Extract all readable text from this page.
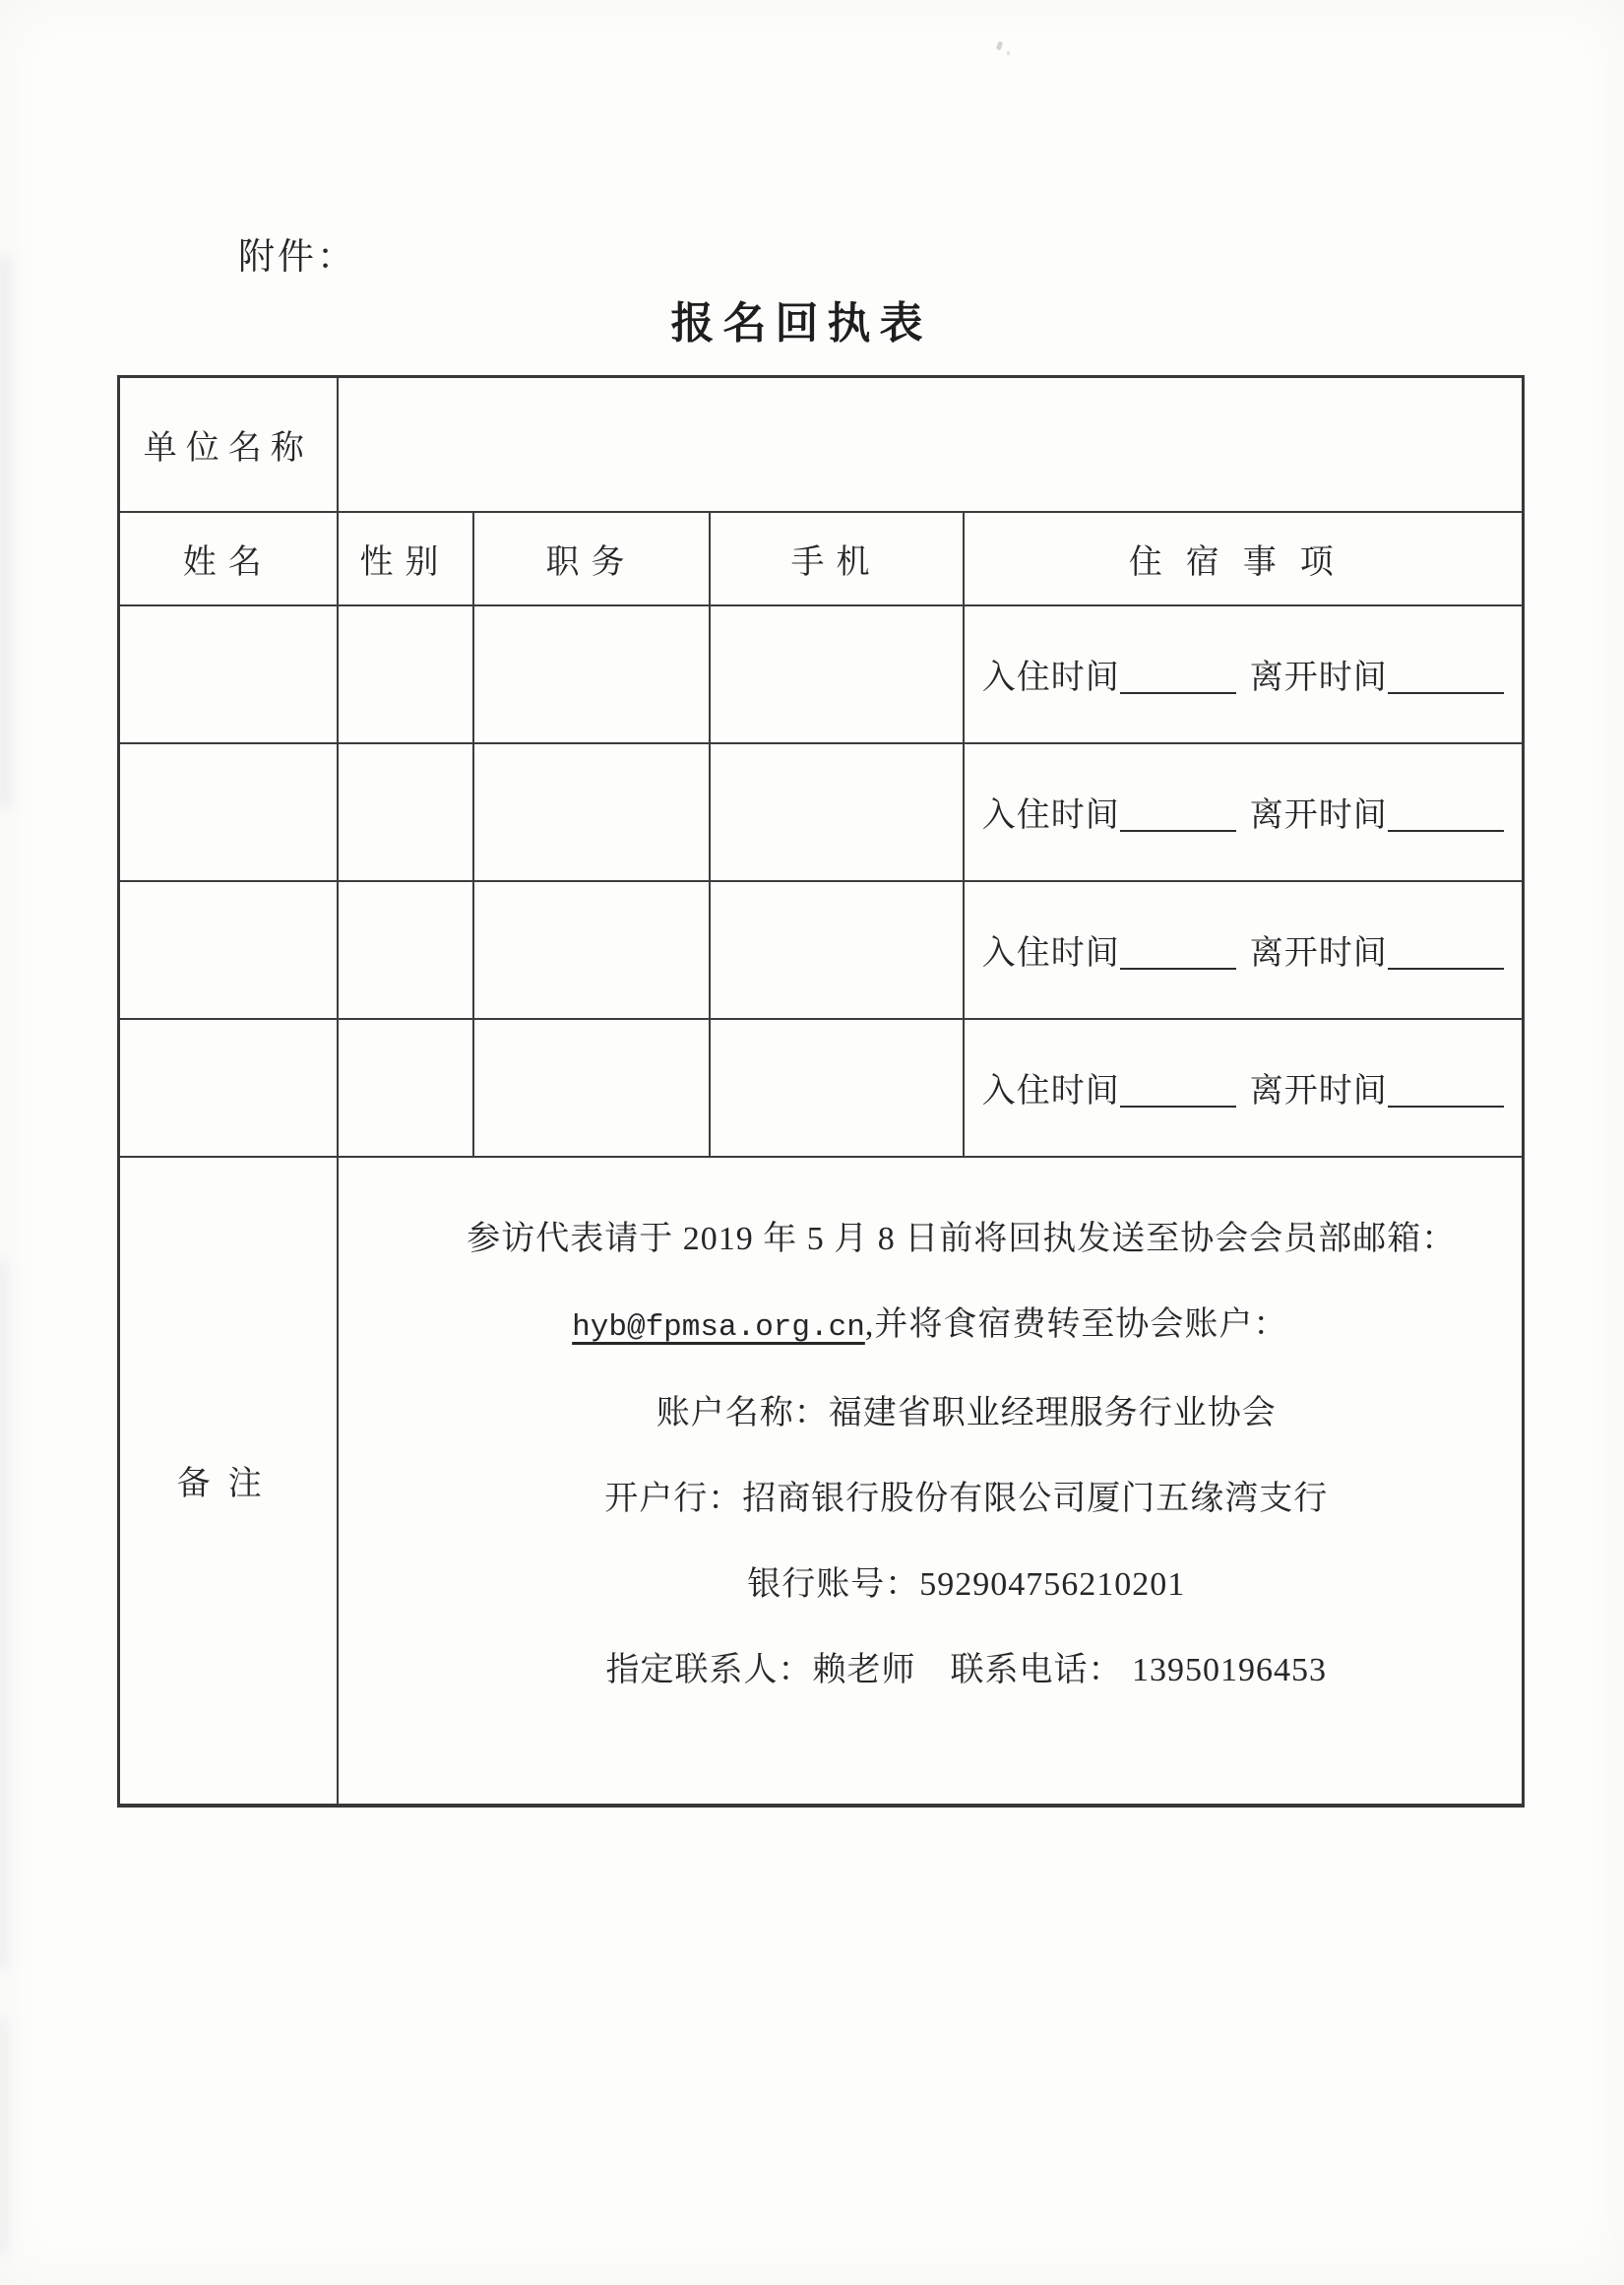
附件：
报名回执表
单位名称				
姓名	性别	职务	手机	住宿事项
				入住时间 离开时间
				入住时间 离开时间
				入住时间 离开时间
				入住时间 离开时间
备注	

参访代表请于 2019 年 5 月 8 日前将回执发送至协会会员部邮箱：

hyb@fpmsa.org.cn,并将食宿费转至协会账户：

账户名称：福建省职业经理服务行业协会

开户行：招商银行股份有限公司厦门五缘湾支行

银行账号：592904756210201

指定联系人：赖老师　联系电话： 13950196453
